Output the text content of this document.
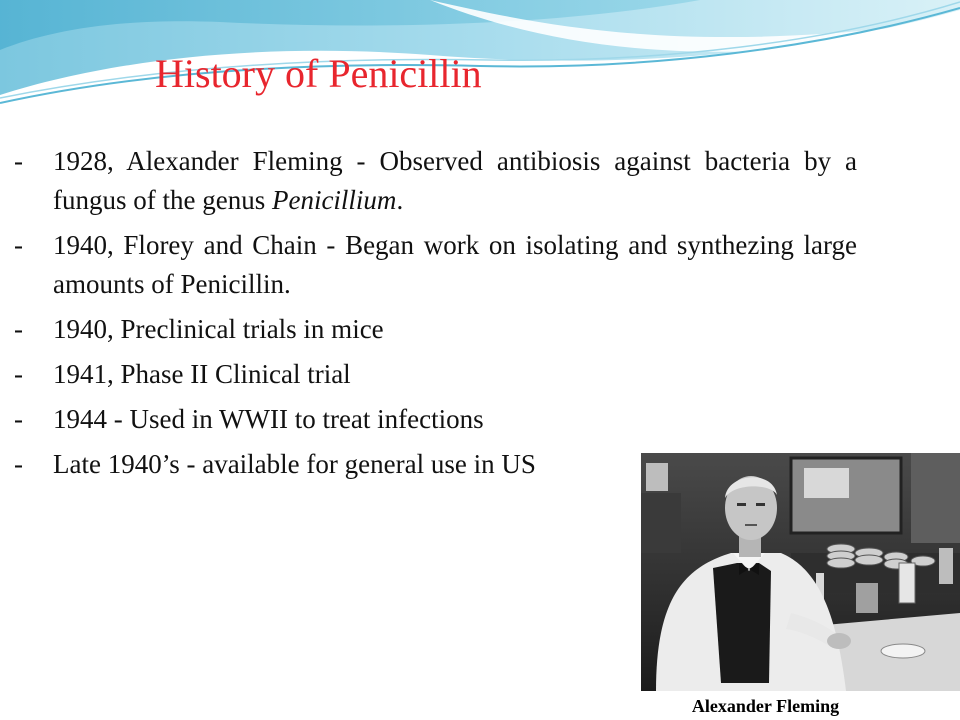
History of Penicillin
-	1928, Alexander Fleming - Observed antibiosis against bacteria by a fungus of the genus Penicillium.
-	1940, Florey and Chain - Began work on isolating and synthezing large amounts of Penicillin.
-	1940, Preclinical trials in mice
-	1941, Phase II Clinical trial
-	1944 - Used in WWII to treat infections
-	Late 1940’s - available for general use in US
Alexander Fleming
